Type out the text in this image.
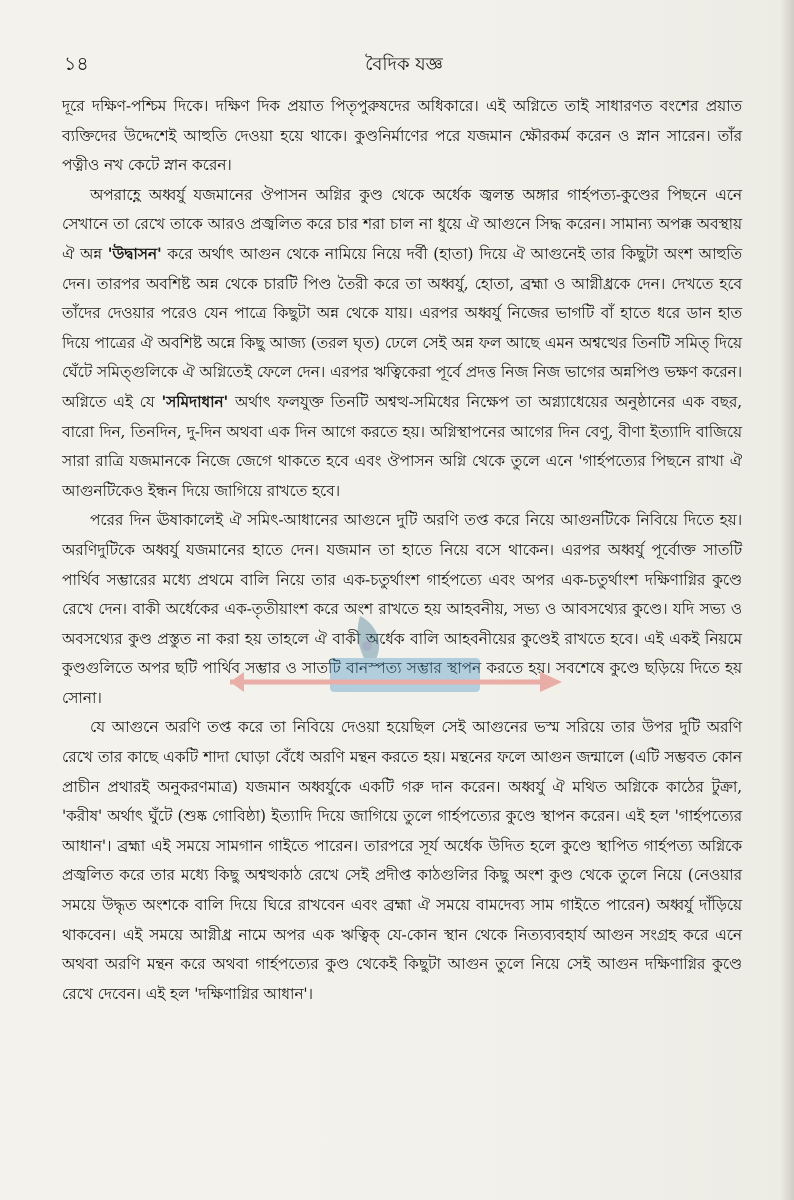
১৪	বৈদিক যজ্ঞ

দূরে দক্ষিণ-পশ্চিম দিকে। দক্ষিণ দিক প্রয়াত পিতৃপুরুষদের অধিকারে। এই অগ্নিতে তাই সাধারণত বংশের প্রয়াত ব্যক্তিদের উদ্দেশেই আহুতি দেওয়া হয়ে থাকে। কুণ্ডনির্মাণের পরে যজমান ক্ষৌরকর্ম করেন ও স্নান সারেন। তাঁর পত্নীও নখ কেটে স্নান করেন।

অপরাহ্ণে অধ্বর্যু যজমানের ঔপাসন অগ্নির কুণ্ড থেকে অর্ধেক জ্বলন্ত অঙ্গার গার্হপত্য-কুণ্ডের পিছনে এনে সেখানে তা রেখে তাকে আরও প্রজ্বলিত করে চার শরা চাল না ধুয়ে ঐ আগুনে সিদ্ধ করেন। সামান্য অপক্ক অবস্থায় ঐ অন্ন 'উদ্বাসন' করে অর্থাৎ আগুন থেকে নামিয়ে নিয়ে দর্বী (হাতা) দিয়ে ঐ আগুনেই তার কিছুটা অংশ আহুতি দেন। তারপর অবশিষ্ট অন্ন থেকে চারটি পিণ্ড তৈরী করে তা অধ্বর্যু, হোতা, ব্রহ্মা ও আগ্নীধ্রকে দেন। দেখতে হবে তাঁদের দেওয়ার পরেও যেন পাত্রে কিছুটা অন্ন থেকে যায়। এরপর অধ্বর্যু নিজের ভাগটি বাঁ হাতে ধরে ডান হাত দিয়ে পাত্রের ঐ অবশিষ্ট অন্নে কিছু আজ্য (তরল ঘৃত) ঢেলে সেই অন্ন ফল আছে এমন অশ্বত্থের তিনটি সমিত্ দিয়ে ঘেঁটে সমিত্গুলিকে ঐ অগ্নিতেই ফেলে দেন। এরপর ঋত্বিকেরা পূর্বে প্রদত্ত নিজ নিজ ভাগের অন্নপিণ্ড ভক্ষণ করেন। অগ্নিতে এই যে 'সমিদাধান' অর্থাৎ ফলযুক্ত তিনটি অশ্বত্থ-সমিধের নিক্ষেপ তা অগ্ন্যাধেয়ের অনুষ্ঠানের এক বছর, বারো দিন, তিনদিন, দু-দিন অথবা এক দিন আগে করতে হয়। অগ্নিস্থাপনের আগের দিন বেণু, বীণা ইত্যাদি বাজিয়ে সারা রাত্রি যজমানকে নিজে জেগে থাকতে হবে এবং ঔপাসন অগ্নি থেকে তুলে এনে 'গার্হপত্যের পিছনে রাখা ঐ আগুনটিকেও ইন্ধন দিয়ে জাগিয়ে রাখতে হবে।

পরের দিন ঊষাকালেই ঐ সমিৎ-আধানের আগুনে দুটি অরণি তপ্ত করে নিয়ে আগুনটিকে নিবিয়ে দিতে হয়। অরণিদুটিকে অধ্বর্যু যজমানের হাতে দেন। যজমান তা হাতে নিয়ে বসে থাকেন। এরপর অধ্বর্যু পূর্বোক্ত সাতটি পার্থিব সম্ভারের মধ্যে প্রথমে বালি নিয়ে তার এক-চতুর্থাংশ গার্হপত্যে এবং অপর এক-চতুর্থাংশ দক্ষিণাগ্নির কুণ্ডে রেখে দেন। বাকী অর্ধেকের এক-তৃতীয়াংশ করে অংশ রাখতে হয় আহবনীয়, সভ্য ও আবসথ্যের কুণ্ডে। যদি সভ্য ও অবসথ্যের কুণ্ড প্রস্তুত না করা হয় তাহলে ঐ বাকী অর্ধেক বালি আহবনীয়ের কুণ্ডেই রাখতে হবে। এই একই নিয়মে কুণ্ডগুলিতে অপর ছটি পার্থিব সম্ভার ও সাতটি বানস্পত্য সম্ভার স্থাপন করতে হয়। সবশেষে কুণ্ডে ছড়িয়ে দিতে হয় সোনা।

যে আগুনে অরণি তপ্ত করে তা নিবিয়ে দেওয়া হয়েছিল সেই আগুনের ভস্ম সরিয়ে তার উপর দুটি অরণি রেখে তার কাছে একটি শাদা ঘোড়া বেঁধে অরণি মন্থন করতে হয়। মন্থনের ফলে আগুন জন্মালে (এটি সম্ভবত কোন প্রাচীন প্রথারই অনুকরণমাত্র) যজমান অধ্বর্যুকে একটি গরু দান করেন। অধ্বর্যু ঐ মথিত অগ্নিকে কাঠের টুক্রা, 'করীষ' অর্থাৎ ঘুঁটে (শুষ্ক গোবিষ্ঠা) ইত্যাদি দিয়ে জাগিয়ে তুলে গার্হপত্যের কুণ্ডে স্থাপন করেন। এই হল 'গার্হপত্যের আধান'। ব্রহ্মা এই সময়ে সামগান গাইতে পারেন। তারপরে সূর্য অর্ধেক উদিত হলে কুণ্ডে স্থাপিত গার্হপত্য অগ্নিকে প্রজ্বলিত করে তার মধ্যে কিছু অশ্বত্থকাঠ রেখে সেই প্রদীপ্ত কাঠগুলির কিছু অংশ কুণ্ড থেকে তুলে নিয়ে (নেওয়ার সময়ে উদ্ধৃত অংশকে বালি দিয়ে ঘিরে রাখবেন এবং ব্রহ্মা ঐ সময়ে বামদেব্য সাম গাইতে পারেন) অধ্বর্যু দাঁড়িয়ে থাকবেন। এই সময়ে আগ্নীধ্র নামে অপর এক ঋত্বিক্ যে-কোন স্থান থেকে নিত্যব্যবহার্য আগুন সংগ্রহ করে এনে অথবা অরণি মন্থন করে অথবা গার্হপত্যের কুণ্ড থেকেই কিছুটা আগুন তুলে নিয়ে সেই আগুন দক্ষিণাগ্নির কুণ্ডে রেখে দেবেন। এই হল 'দক্ষিণাগ্নির আধান'।
